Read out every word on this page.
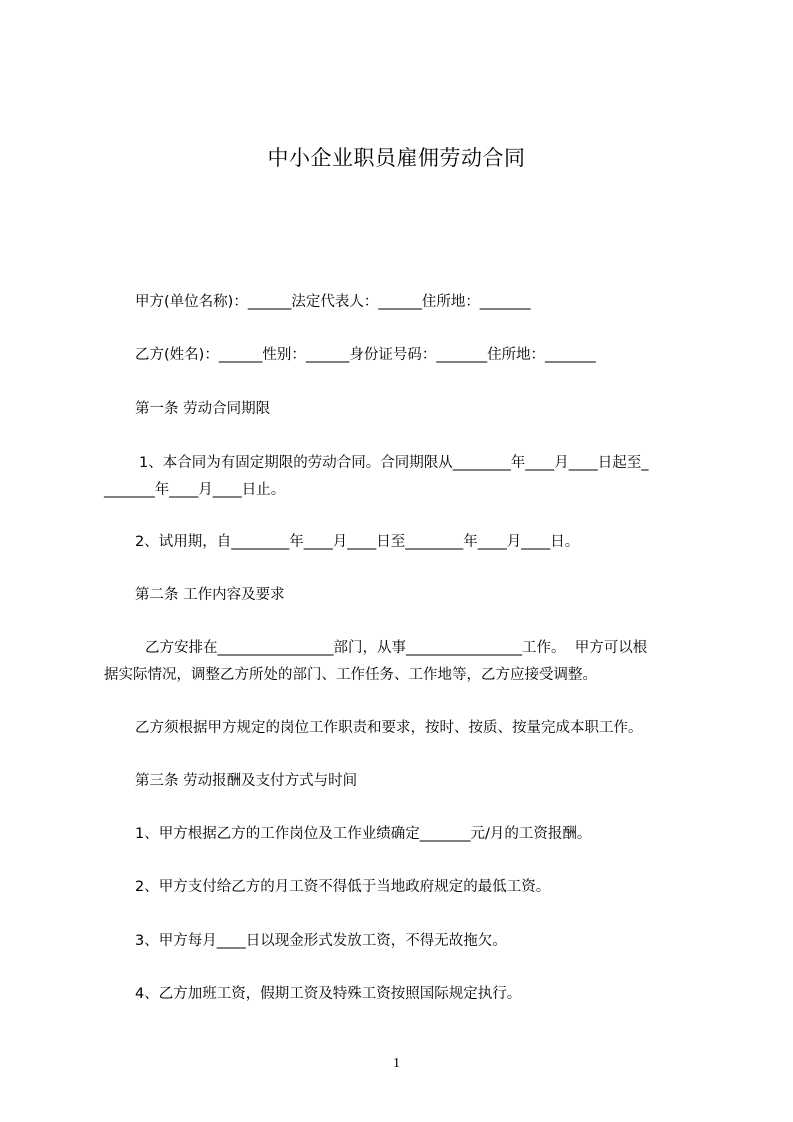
中小企业职员雇佣劳动合同
甲方(单位名称)：______法定代表人：______住所地：_______
乙方(姓名)：______性别：______身份证号码：_______住所地：_______
第一条 劳动合同期限
1、本合同为有固定期限的劳动合同。合同期限从________年____月____日起至_
_______年____月____日止。
2、试用期，自________年____月____日至________年____月____日。
第二条 工作内容及要求
乙方安排在________________部门，从事________________工作。  甲方可以根
据实际情况，调整乙方所处的部门、工作任务、工作地等，乙方应接受调整。
乙方须根据甲方规定的岗位工作职责和要求，按时、按质、按量完成本职工作。
第三条 劳动报酬及支付方式与时间
1、甲方根据乙方的工作岗位及工作业绩确定_______元/月的工资报酬。
2、甲方支付给乙方的月工资不得低于当地政府规定的最低工资。
3、甲方每月____日以现金形式发放工资，不得无故拖欠。
4、乙方加班工资，假期工资及特殊工资按照国际规定执行。
1
